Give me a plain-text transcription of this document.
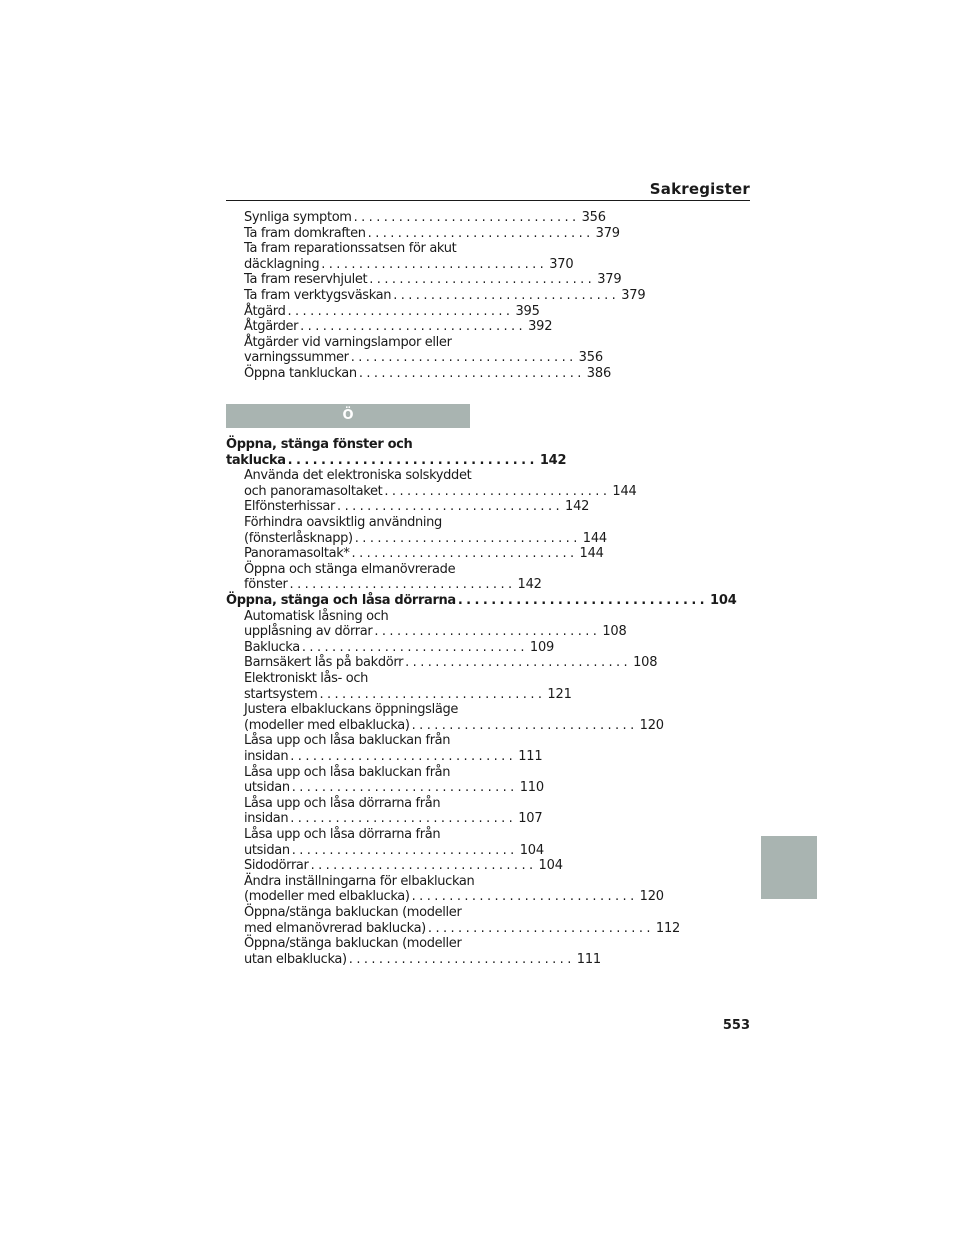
Sakregister
Synliga symptom .............................. 356
Ta fram domkraften .............................. 379
Ta fram reparationssatsen för akut
däcklagning .............................. 370
Ta fram reservhjulet .............................. 379
Ta fram verktygsväskan .............................. 379
Åtgärd .............................. 395
Åtgärder .............................. 392
Åtgärder vid varningslampor eller
varningssummer .............................. 356
Öppna tankluckan .............................. 386
Öppna, stänga fönster och
taklucka .............................. 142
Använda det elektroniska solskyddet
och panoramasoltaket .............................. 144
Elfönsterhissar .............................. 142
Förhindra oavsiktlig användning
(fönsterlåsknapp) .............................. 144
Panoramasoltak* .............................. 144
Öppna och stänga elmanövrerade
fönster .............................. 142
Öppna, stänga och låsa dörrarna .............................. 104
Automatisk låsning och
upplåsning av dörrar .............................. 108
Baklucka .............................. 109
Barnsäkert lås på bakdörr .............................. 108
Elektroniskt lås- och
startsystem .............................. 121
Justera elbakluckans öppningsläge
(modeller med elbaklucka) .............................. 120
Låsa upp och låsa bakluckan från
insidan .............................. 111
Låsa upp och låsa bakluckan från
utsidan .............................. 110
Låsa upp och låsa dörrarna från
insidan .............................. 107
Låsa upp och låsa dörrarna från
utsidan .............................. 104
Sidodörrar .............................. 104
Ändra inställningarna för elbakluckan
(modeller med elbaklucka) .............................. 120
Öppna/stänga bakluckan (modeller
med elmanövrerad baklucka) .............................. 112
Öppna/stänga bakluckan (modeller
utan elbaklucka) .............................. 111
Ö
553
